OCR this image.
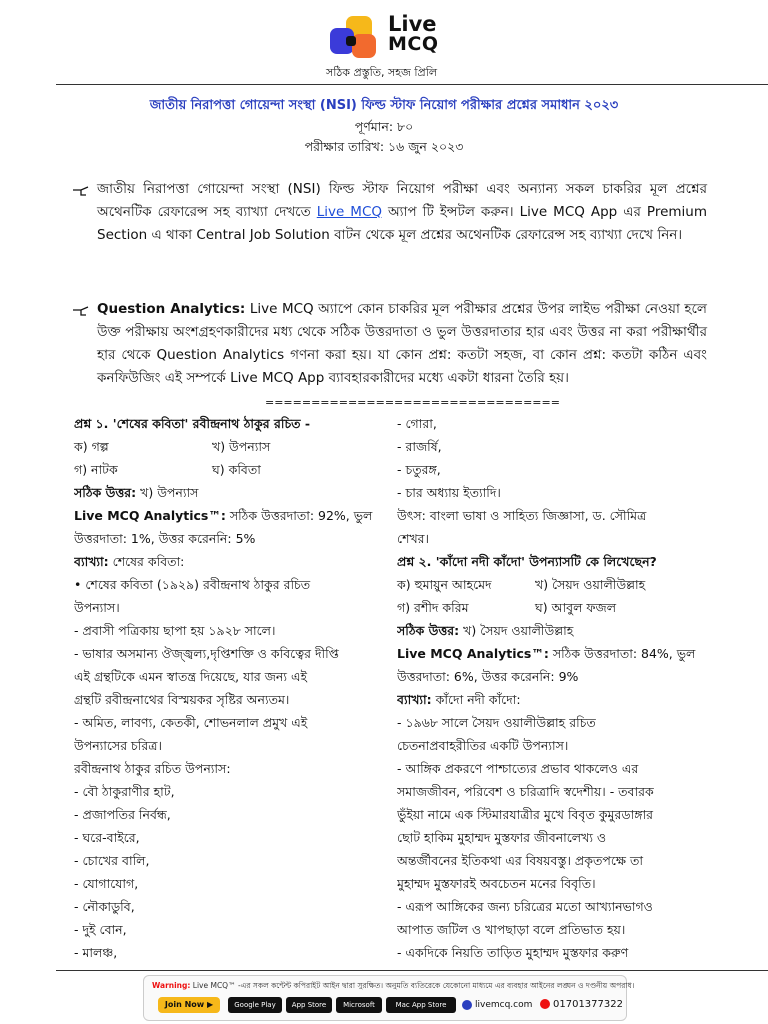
Live
MCQ
সঠিক প্রস্তুতি, সহজ প্রিলি
জাতীয় নিরাপত্তা গোয়েন্দা সংস্থা (NSI) ফিল্ড স্টাফ নিয়োগ পরীক্ষার প্রশ্নের সমাধান ২০২৩
পূর্ণমান: ৮০
পরীক্ষার তারিখ: ১৬ জুন ২০২৩
জাতীয় নিরাপত্তা গোয়েন্দা সংস্থা (NSI) ফিল্ড স্টাফ নিয়োগ পরীক্ষা এবং অন্যান্য সকল চাকরির মূল প্রশ্নের অথেনটিক রেফারেন্স সহ ব্যাখ্যা দেখতে Live MCQ অ্যাপ টি ইন্সটল করুন। Live MCQ App এর Premium Section এ থাকা Central Job Solution বাটন থেকে মূল প্রশ্নের অথেনটিক রেফারেন্স সহ ব্যাখ্যা দেখে নিন।
Question Analytics: Live MCQ অ্যাপে কোন চাকরির মূল পরীক্ষার প্রশ্নের উপর লাইভ পরীক্ষা নেওয়া হলে উক্ত পরীক্ষায় অংশগ্রহণকারীদের মধ্য থেকে সঠিক উত্তরদাতা ও ভুল উত্তরদাতার হার এবং উত্তর না করা পরীক্ষার্থীর হার থেকে Question Analytics গণনা করা হয়। যা কোন প্রশ্ন: কতটা সহজ, বা কোন প্রশ্ন: কতটা কঠিন এবং কনফিউজিং এই সম্পর্কে Live MCQ App ব্যাবহারকারীদের মধ্যে একটা ধারনা তৈরি হয়।
================================
প্রশ্ন ১. 'শেষের কবিতা' রবীন্দ্রনাথ ঠাকুর রচিত -
ক) গল্প	খ) উপন্যাস
গ) নাটক	ঘ) কবিতা
সঠিক উত্তর: খ) উপন্যাস
Live MCQ Analytics™: সঠিক উত্তরদাতা: 92%, ভুল
উত্তরদাতা: 1%, উত্তর করেননি: 5%
ব্যাখ্যা: শেষের কবিতা:
• শেষের কবিতা (১৯২৯) রবীন্দ্রনাথ ঠাকুর রচিত
উপন্যাস।
- প্রবাসী পত্রিকায় ছাপা হয় ১৯২৮ সালে।
- ভাষার অসমান্য ঔজ্জ্বল্য,দৃপ্তিশক্তি ও কবিত্বের দীপ্তি
এই গ্রন্থটিকে এমন স্বাতন্ত্র দিয়েছে, যার জন্য এই
গ্রন্থটি রবীন্দ্রনাথের বিস্ময়কর সৃষ্টির অন্যতম।
- অমিত, লাবণ্য, কেতকী, শোভনলাল প্রমুখ এই
উপন্যাসের চরিত্র।
রবীন্দ্রনাথ ঠাকুর রচিত উপন্যাস:
- বৌ ঠাকুরাণীর হাট,
- প্রজাপতির নির্বন্ধ,
- ঘরে-বাইরে,
- চোখের বালি,
- যোগাযোগ,
- নৌকাডুবি,
- দুই বোন,
- মালঞ্চ,
- গোরা,
- রাজর্ষি,
- চতুরঙ্গ,
- চার অধ্যায় ইত্যাদি।
উৎস: বাংলা ভাষা ও সাহিত্য জিজ্ঞাসা, ড. সৌমিত্র
শেখর।
প্রশ্ন ২. 'কাঁদো নদী কাঁদো' উপন্যাসটি কে লিখেছেন?
ক) হুমায়ুন আহমেদ	খ) সৈয়দ ওয়ালীউল্লাহ
গ) রশীদ করিম	ঘ) আবুল ফজল
সঠিক উত্তর: খ) সৈয়দ ওয়ালীউল্লাহ
Live MCQ Analytics™: সঠিক উত্তরদাতা: 84%, ভুল
উত্তরদাতা: 6%, উত্তর করেননি: 9%
ব্যাখ্যা: কাঁদো নদী কাঁদো:
- ১৯৬৮ সালে সৈয়দ ওয়ালীউল্লাহ রচিত
চেতনাপ্রবাহরীতির একটি উপন্যাস।
- আঙ্গিক প্রকরণে পাশ্চাত্যের প্রভাব থাকলেও এর
সমাজজীবন, পরিবেশ ও চরিত্রাদি স্বদেশীয়। - তবারক
ভুঁইয়া নামে এক স্টিমারযাত্রীর মুখে বিবৃত কুমুরডাঙ্গার
ছোট হাকিম মুহাম্মদ মুস্তফার জীবনালেখ্য ও
অন্তর্জীবনের ইতিকথা এর বিষয়বস্তু। প্রকৃতপক্ষে তা
মুহাম্মদ মুস্তফারই অবচেতন মনের বিবৃতি।
- এরূপ আঙ্গিকের জন্য চরিত্রের মতো আখ্যানভাগও
আপাত জটিল ও খাপছাড়া বলে প্রতিভাত হয়।
- একদিকে নিয়তি তাড়িত মুহাম্মদ মুস্তফার করুণ
Warning: Live MCQ™ -এর সকল কন্টেন্ট কপিরাইট আইন দ্বারা সুরক্ষিত। অনুমতি ব্যতিরেকে যেকোনো মাধ্যমে এর ব্যবহার আইনের লঙ্ঘন ও দণ্ডনীয় অপরাধ।
Join Now ▶	Google Play	App Store	Microsoft	Mac App Store	livemcq.com	01701377322
